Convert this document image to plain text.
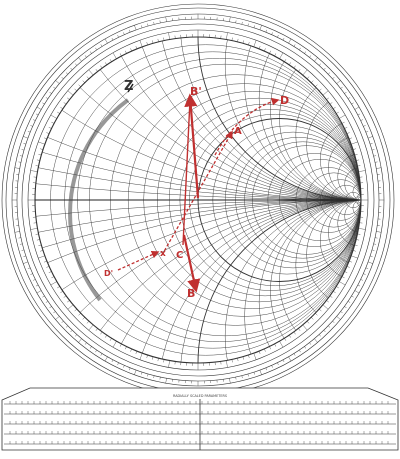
Z
A
B
B'
C
x
D
D'
RADIALLY SCALED PARAMETERS
